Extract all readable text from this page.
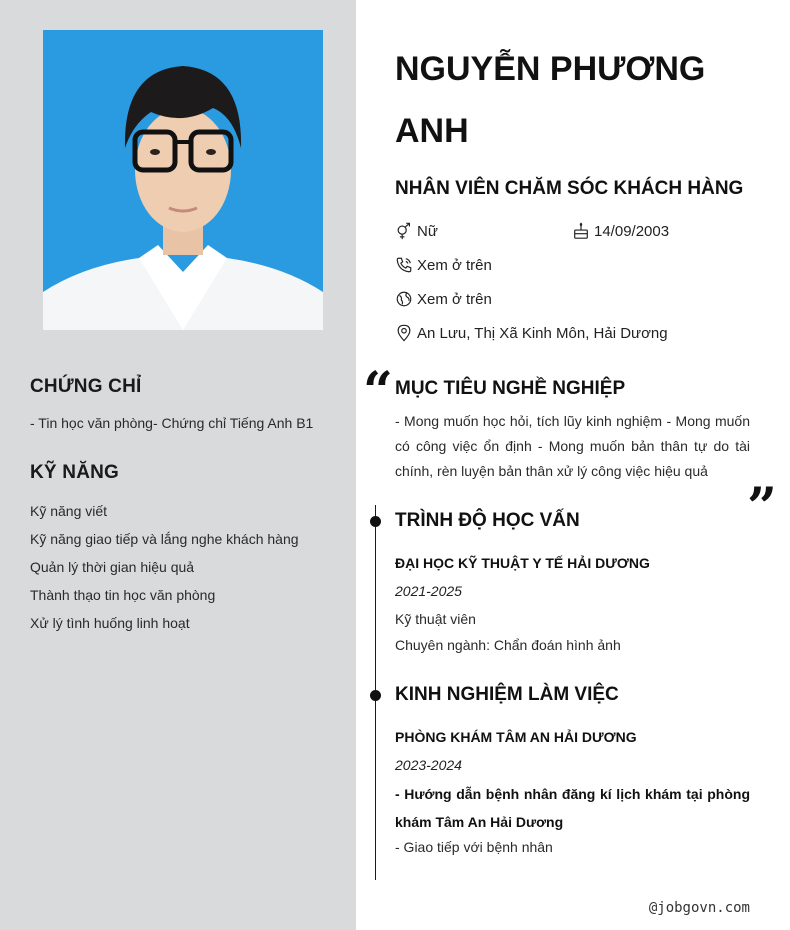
CHỨNG CHỈ
- Tin học văn phòng- Chứng chỉ Tiếng Anh B1
KỸ NĂNG
Kỹ năng viết
Kỹ năng giao tiếp và lắng nghe khách hàng
Quản lý thời gian hiệu quả
Thành thạo tin học văn phòng
Xử lý tình huống linh hoạt
NGUYỄN PHƯƠNG ANH
NHÂN VIÊN CHĂM SÓC KHÁCH HÀNG
Nữ	14/09/2003
Xem ở trên
Xem ở trên
An Lưu, Thị Xã Kinh Môn, Hải Dương
“ MỤC TIÊU NGHỀ NGHIỆP

- Mong muốn học hỏi, tích lũy kinh nghiệm - Mong muốn có công việc ổn định - Mong muốn bản thân tự do tài chính, rèn luyện bản thân xử lý công việc hiệu quả

”
TRÌNH ĐỘ HỌC VẤN
ĐẠI HỌC KỸ THUẬT Y TẾ HẢI DƯƠNG
2021-2025
Kỹ thuật viên
Chuyên ngành: Chẩn đoán hình ảnh
KINH NGHIỆM LÀM VIỆC
PHÒNG KHÁM TÂM AN HẢI DƯƠNG
2023-2024

- Hướng dẫn bệnh nhân đăng kí lịch khám tại phòng khám Tâm An Hải Dương

- Giao tiếp với bệnh nhân
@jobgovn.com
